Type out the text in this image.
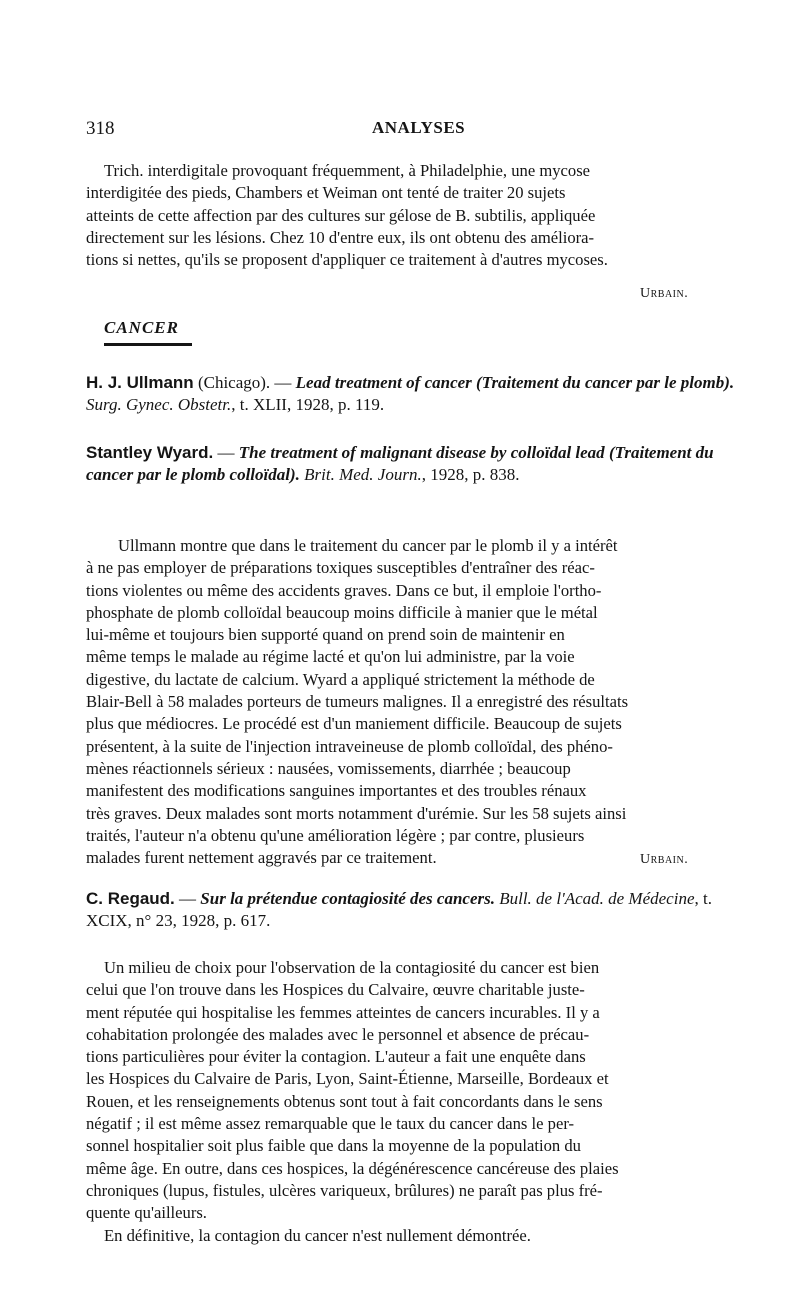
318	ANALYSES
Trich. interdigitale provoquant fréquemment, à Philadelphie, une mycose
interdigitée des pieds, Chambers et Weiman ont tenté de traiter 20 sujets
atteints de cette affection par des cultures sur gélose de B. subtilis, appliquée
directement sur les lésions. Chez 10 d'entre eux, ils ont obtenu des améliora-
tions si nettes, qu'ils se proposent d'appliquer ce traitement à d'autres mycoses.
Urbain.
CANCER
H. J. Ullmann (Chicago). — Lead treatment of cancer (Traitement du cancer par le plomb). Surg. Gynec. Obstetr., t. XLII, 1928, p. 119.
Stantley Wyard. — The treatment of malignant disease by colloïdal lead (Traitement du cancer par le plomb colloïdal). Brit. Med. Journ., 1928, p. 838.
Ullmann montre que dans le traitement du cancer par le plomb il y a intérêt
à ne pas employer de préparations toxiques susceptibles d'entraîner des réac-
tions violentes ou même des accidents graves. Dans ce but, il emploie l'ortho-
phosphate de plomb colloïdal beaucoup moins difficile à manier que le métal
lui-même et toujours bien supporté quand on prend soin de maintenir en
même temps le malade au régime lacté et qu'on lui administre, par la voie
digestive, du lactate de calcium. Wyard a appliqué strictement la méthode de
Blair-Bell à 58 malades porteurs de tumeurs malignes. Il a enregistré des résultats
plus que médiocres. Le procédé est d'un maniement difficile. Beaucoup de sujets
présentent, à la suite de l'injection intraveineuse de plomb colloïdal, des phéno-
mènes réactionnels sérieux : nausées, vomissements, diarrhée ; beaucoup
manifestent des modifications sanguines importantes et des troubles rénaux
très graves. Deux malades sont morts notamment d'urémie. Sur les 58 sujets ainsi
traités, l'auteur n'a obtenu qu'une amélioration légère ; par contre, plusieurs
malades furent nettement aggravés par ce traitement.	Urbain.
C. Regaud. — Sur la prétendue contagiosité des cancers. Bull. de l'Acad. de Médecine, t. XCIX, n° 23, 1928, p. 617.
Un milieu de choix pour l'observation de la contagiosité du cancer est bien
celui que l'on trouve dans les Hospices du Calvaire, œuvre charitable juste-
ment réputée qui hospitalise les femmes atteintes de cancers incurables. Il y a
cohabitation prolongée des malades avec le personnel et absence de précau-
tions particulières pour éviter la contagion. L'auteur a fait une enquête dans
les Hospices du Calvaire de Paris, Lyon, Saint-Étienne, Marseille, Bordeaux et
Rouen, et les renseignements obtenus sont tout à fait concordants dans le sens
négatif ; il est même assez remarquable que le taux du cancer dans le per-
sonnel hospitalier soit plus faible que dans la moyenne de la population du
même âge. En outre, dans ces hospices, la dégénérescence cancéreuse des plaies
chroniques (lupus, fistules, ulcères variqueux, brûlures) ne paraît pas plus fré-
quente qu'ailleurs.
En définitive, la contagion du cancer n'est nullement démontrée.
